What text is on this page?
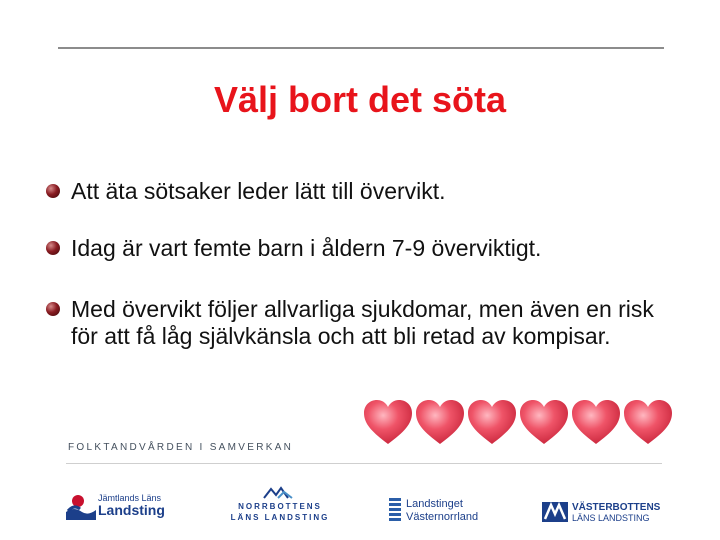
Välj bort det söta
Att äta sötsaker leder lätt till övervikt.
Idag är vart femte barn i åldern 7-9 överviktigt.
Med övervikt följer allvarliga sjukdomar, men även en risk för att få låg självkänsla och att bli retad av kompisar.
FOLKTANDVÅRDEN I SAMVERKAN
Jämtlands Läns
Landsting	NORRBOTTENS
LÄNS LANDSTING
Landstinget
Västernorrland
VÄSTERBOTTENS
LÄNS LANDSTING
